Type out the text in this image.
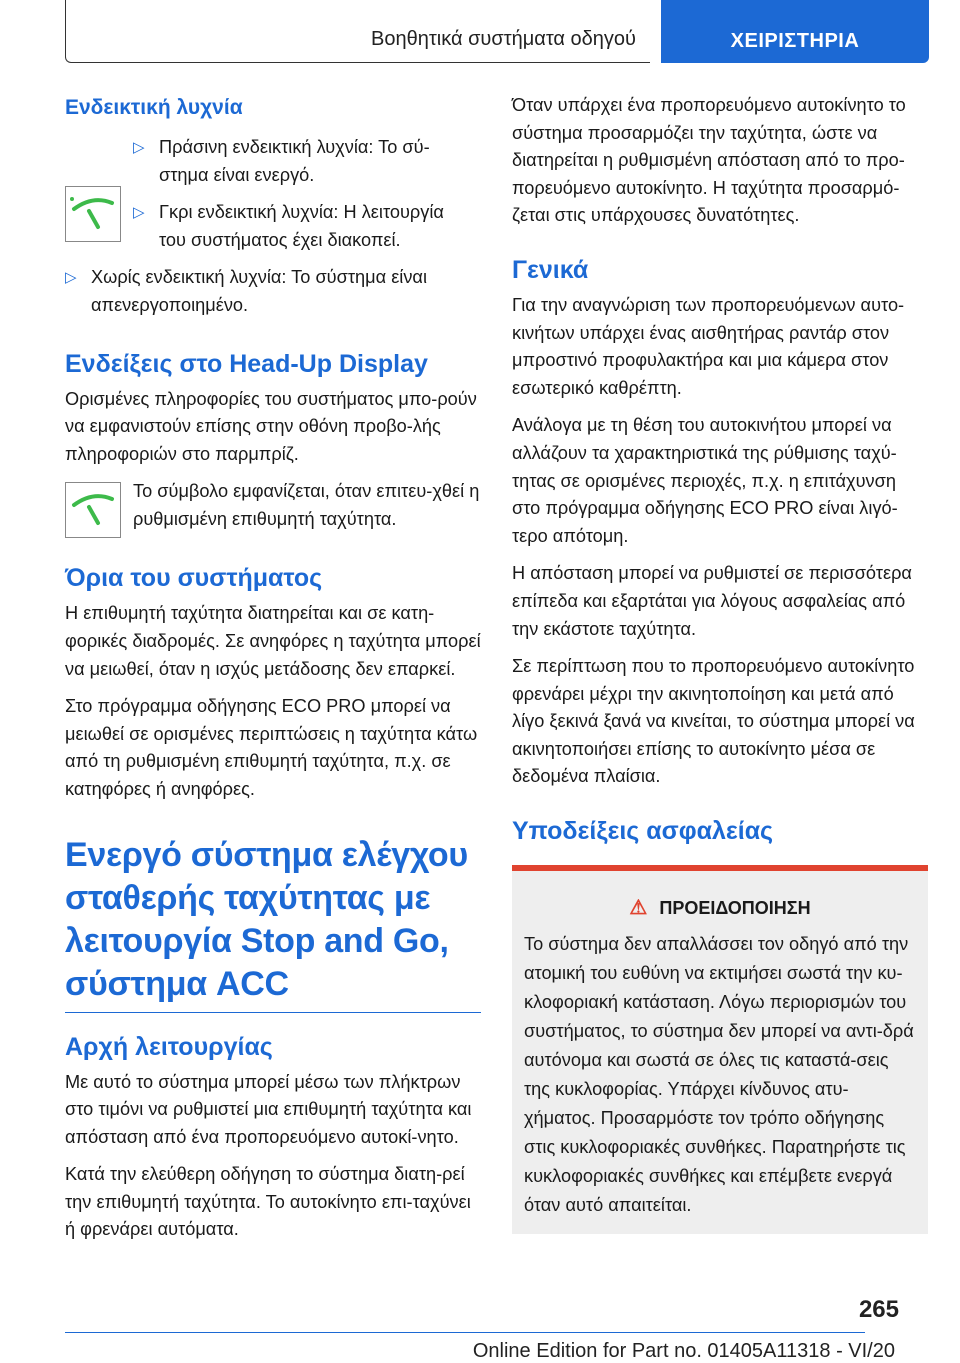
Βοηθητικά συστήματα οδηγού	ΧΕΙΡΙΣΤΗΡΙΑ
Ενδεικτική λυχνία
▷ Πράσινη ενδεικτική λυχνία: Το σύ-
στημα είναι ενεργό.
▷ Γκρι ενδεικτική λυχνία: Η λειτουργία
του συστήματος έχει διακοπεί.
▷ Χωρίς ενδεικτική λυχνία: Το σύστημα είναι
απενεργοποιημένο.
Ενδείξεις στο Head-Up Display

Ορισμένες πληροφορίες του συστήματος μπο-ρούν να εμφανιστούν επίσης στην οθόνη προβο-λής πληροφοριών στο παρμπρίζ.

Το σύμβολο εμφανίζεται, όταν επιτευ-χθεί η ρυθμισμένη επιθυμητή ταχύτητα.

Όρια του συστήματος

Η επιθυμητή ταχύτητα διατηρείται και σε κατη-φορικές διαδρομές. Σε ανηφόρες η ταχύτητα μπορεί να μειωθεί, όταν η ισχύς μετάδοσης δεν επαρκεί.

Στο πρόγραμμα οδήγησης ECO PRO μπορεί να μειωθεί σε ορισμένες περιπτώσεις η ταχύτητα κάτω από τη ρυθμισμένη επιθυμητή ταχύτητα, π.χ. σε κατηφόρες ή ανηφόρες.

Ενεργό σύστημα ελέγχου σταθερής ταχύτητας με λειτουργία Stop and Go, σύστημα ACC
Αρχή λειτουργίας

Με αυτό το σύστημα μπορεί μέσω των πλήκτρων στο τιμόνι να ρυθμιστεί μια επιθυμητή ταχύτητα και απόσταση από ένα προπορευόμενο αυτοκί-νητο.

Κατά την ελεύθερη οδήγηση το σύστημα διατη-ρεί την επιθυμητή ταχύτητα. Το αυτοκίνητο επι-ταχύνει ή φρενάρει αυτόματα.

Όταν υπάρχει ένα προπορευόμενο αυτοκίνητο το σύστημα προσαρμόζει την ταχύτητα, ώστε να διατηρείται η ρυθμισμένη απόσταση από το προ-πορευόμενο αυτοκίνητο. Η ταχύτητα προσαρμό-ζεται στις υπάρχουσες δυνατότητες.

Γενικά

Για την αναγνώριση των προπορευόμενων αυτο-κινήτων υπάρχει ένας αισθητήρας ραντάρ στον μπροστινό προφυλακτήρα και μια κάμερα στον εσωτερικό καθρέπτη.

Ανάλογα με τη θέση του αυτοκινήτου μπορεί να αλλάζουν τα χαρακτηριστικά της ρύθμισης ταχύ-τητας σε ορισμένες περιοχές, π.χ. η επιτάχυνση στο πρόγραμμα οδήγησης ECO PRO είναι λιγό-τερο απότομη.

Η απόσταση μπορεί να ρυθμιστεί σε περισσότερα επίπεδα και εξαρτάται για λόγους ασφαλείας από την εκάστοτε ταχύτητα.

Σε περίπτωση που το προπορευόμενο αυτοκίνητο φρενάρει μέχρι την ακινητοποίηση και μετά από λίγο ξεκινά ξανά να κινείται, το σύστημα μπορεί να ακινητοποιήσει επίσης το αυτοκίνητο μέσα σε δεδομένα πλαίσια.

Υποδείξεις ασφαλείας
⚠ ΠΡΟΕΙΔΟΠΟΙΗΣΗ

Το σύστημα δεν απαλλάσσει τον οδηγό από την ατομική του ευθύνη να εκτιμήσει σωστά την κυ-κλοφοριακή κατάσταση. Λόγω περιορισμών του συστήματος, το σύστημα δεν μπορεί να αντι-δρά αυτόνομα και σωστά σε όλες τις καταστά-σεις της κυκλοφορίας. Υπάρχει κίνδυνος ατυ-χήματος. Προσαρμόστε τον τρόπο οδήγησης στις κυκλοφοριακές συνθήκες. Παρατηρήστε τις κυκλοφοριακές συνθήκες και επέμβετε ενεργά όταν αυτό απαιτείται.

265
Online Edition for Part no. 01405A11318 - VI/20
